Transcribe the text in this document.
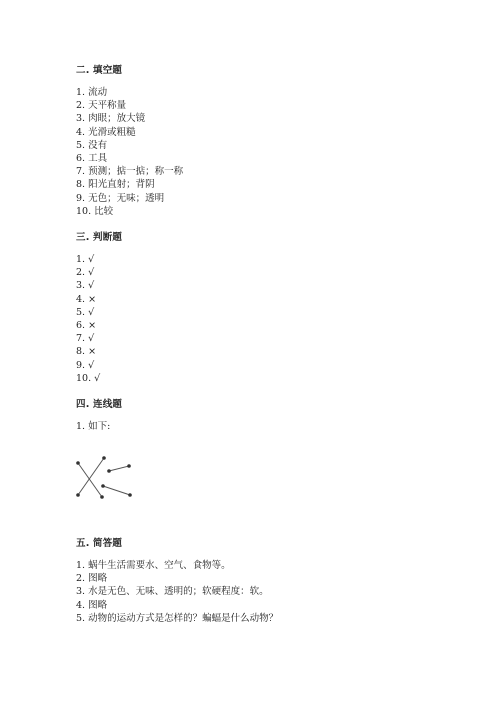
二. 填空题
1. 流动
2. 天平称量
3. 肉眼；放大镜
4. 光滑或粗糙
5. 没有
6. 工具
7. 预测；掂一掂；称一称
8. 阳光直射；背阴
9. 无色；无味；透明
10. 比较
三. 判断题
1. √
2. √
3. √
4. ×
5. √
6. ×
7. √
8. ×
9. √
10. √
四. 连线题
1. 如下:
五. 简答题
1. 蜗牛生活需要水、空气、食物等。
2. 图略
3. 水是无色、无味、透明的；软硬程度：软。
4. 图略
5. 动物的运动方式是怎样的？蝙蝠是什么动物？
